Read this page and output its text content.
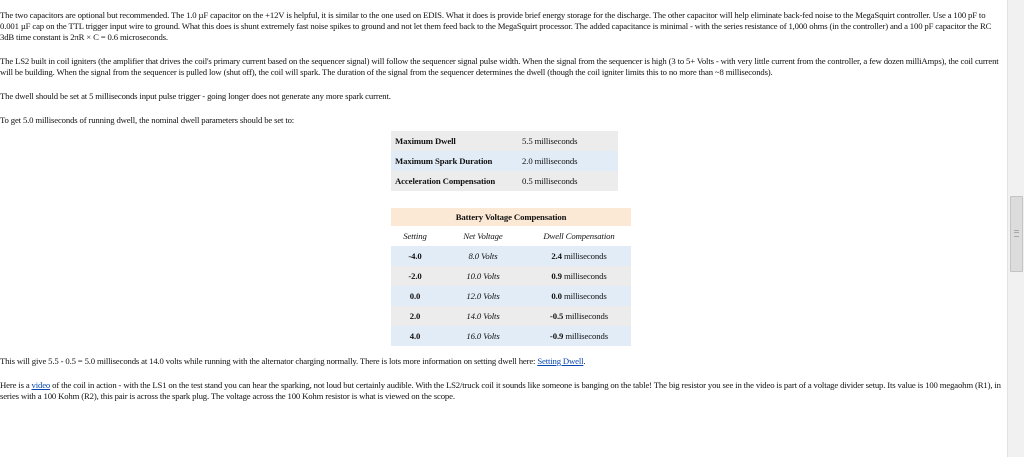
The two capacitors are optional but recommended. The 1.0 µF capacitor on the +12V is helpful, it is similar to the one used on EDIS. What it does is provide brief energy storage for the discharge. The other capacitor will help eliminate back-fed noise to the MegaSquirt controller. Use a 100 pF to 0.001 µF cap on the TTL trigger input wire to ground. What this does is shunt extremely fast noise spikes to ground and not let them feed back to the MegaSquirt processor. The added capacitance is minimal - with the series resistance of 1,000 ohms (in the controller) and a 100 pF capacitor the RC 3dB time constant is 2πR × C = 0.6 microseconds.

The LS2 built in coil igniters (the amplifier that drives the coil's primary current based on the sequencer signal) will follow the sequencer signal pulse width. When the signal from the sequencer is high (3 to 5+ Volts - with very little current from the controller, a few dozen milliAmps), the coil current will be building. When the signal from the sequencer is pulled low (shut off), the coil will spark. The duration of the signal from the sequencer determines the dwell (though the coil igniter limits this to no more than ~8 milliseconds).

The dwell should be set at 5 milliseconds input pulse trigger - going longer does not generate any more spark current.

To get 5.0 milliseconds of running dwell, the nominal dwell parameters should be set to:

Maximum Dwell	5.5 milliseconds
Maximum Spark Duration	2.0 milliseconds
Acceleration Compensation	0.5 milliseconds
Battery Voltage Compensation		
Setting	Net Voltage	Dwell Compensation
-4.0	8.0 Volts	2.4 milliseconds
-2.0	10.0 Volts	0.9 milliseconds
0.0	12.0 Volts	0.0 milliseconds
2.0	14.0 Volts	-0.5 milliseconds
4.0	16.0 Volts	-0.9 milliseconds

This will give 5.5 - 0.5 = 5.0 milliseconds at 14.0 volts while running with the alternator charging normally. There is lots more information on setting dwell here: Setting Dwell.

Here is a video of the coil in action - with the LS1 on the test stand you can hear the sparking, not loud but certainly audible. With the LS2/truck coil it sounds like someone is banging on the table! The big resistor you see in the video is part of a voltage divider setup. Its value is 100 megaohm (R1), in series with a 100 Kohm (R2), this pair is across the spark plug. The voltage across the 100 Kohm resistor is what is viewed on the scope.
